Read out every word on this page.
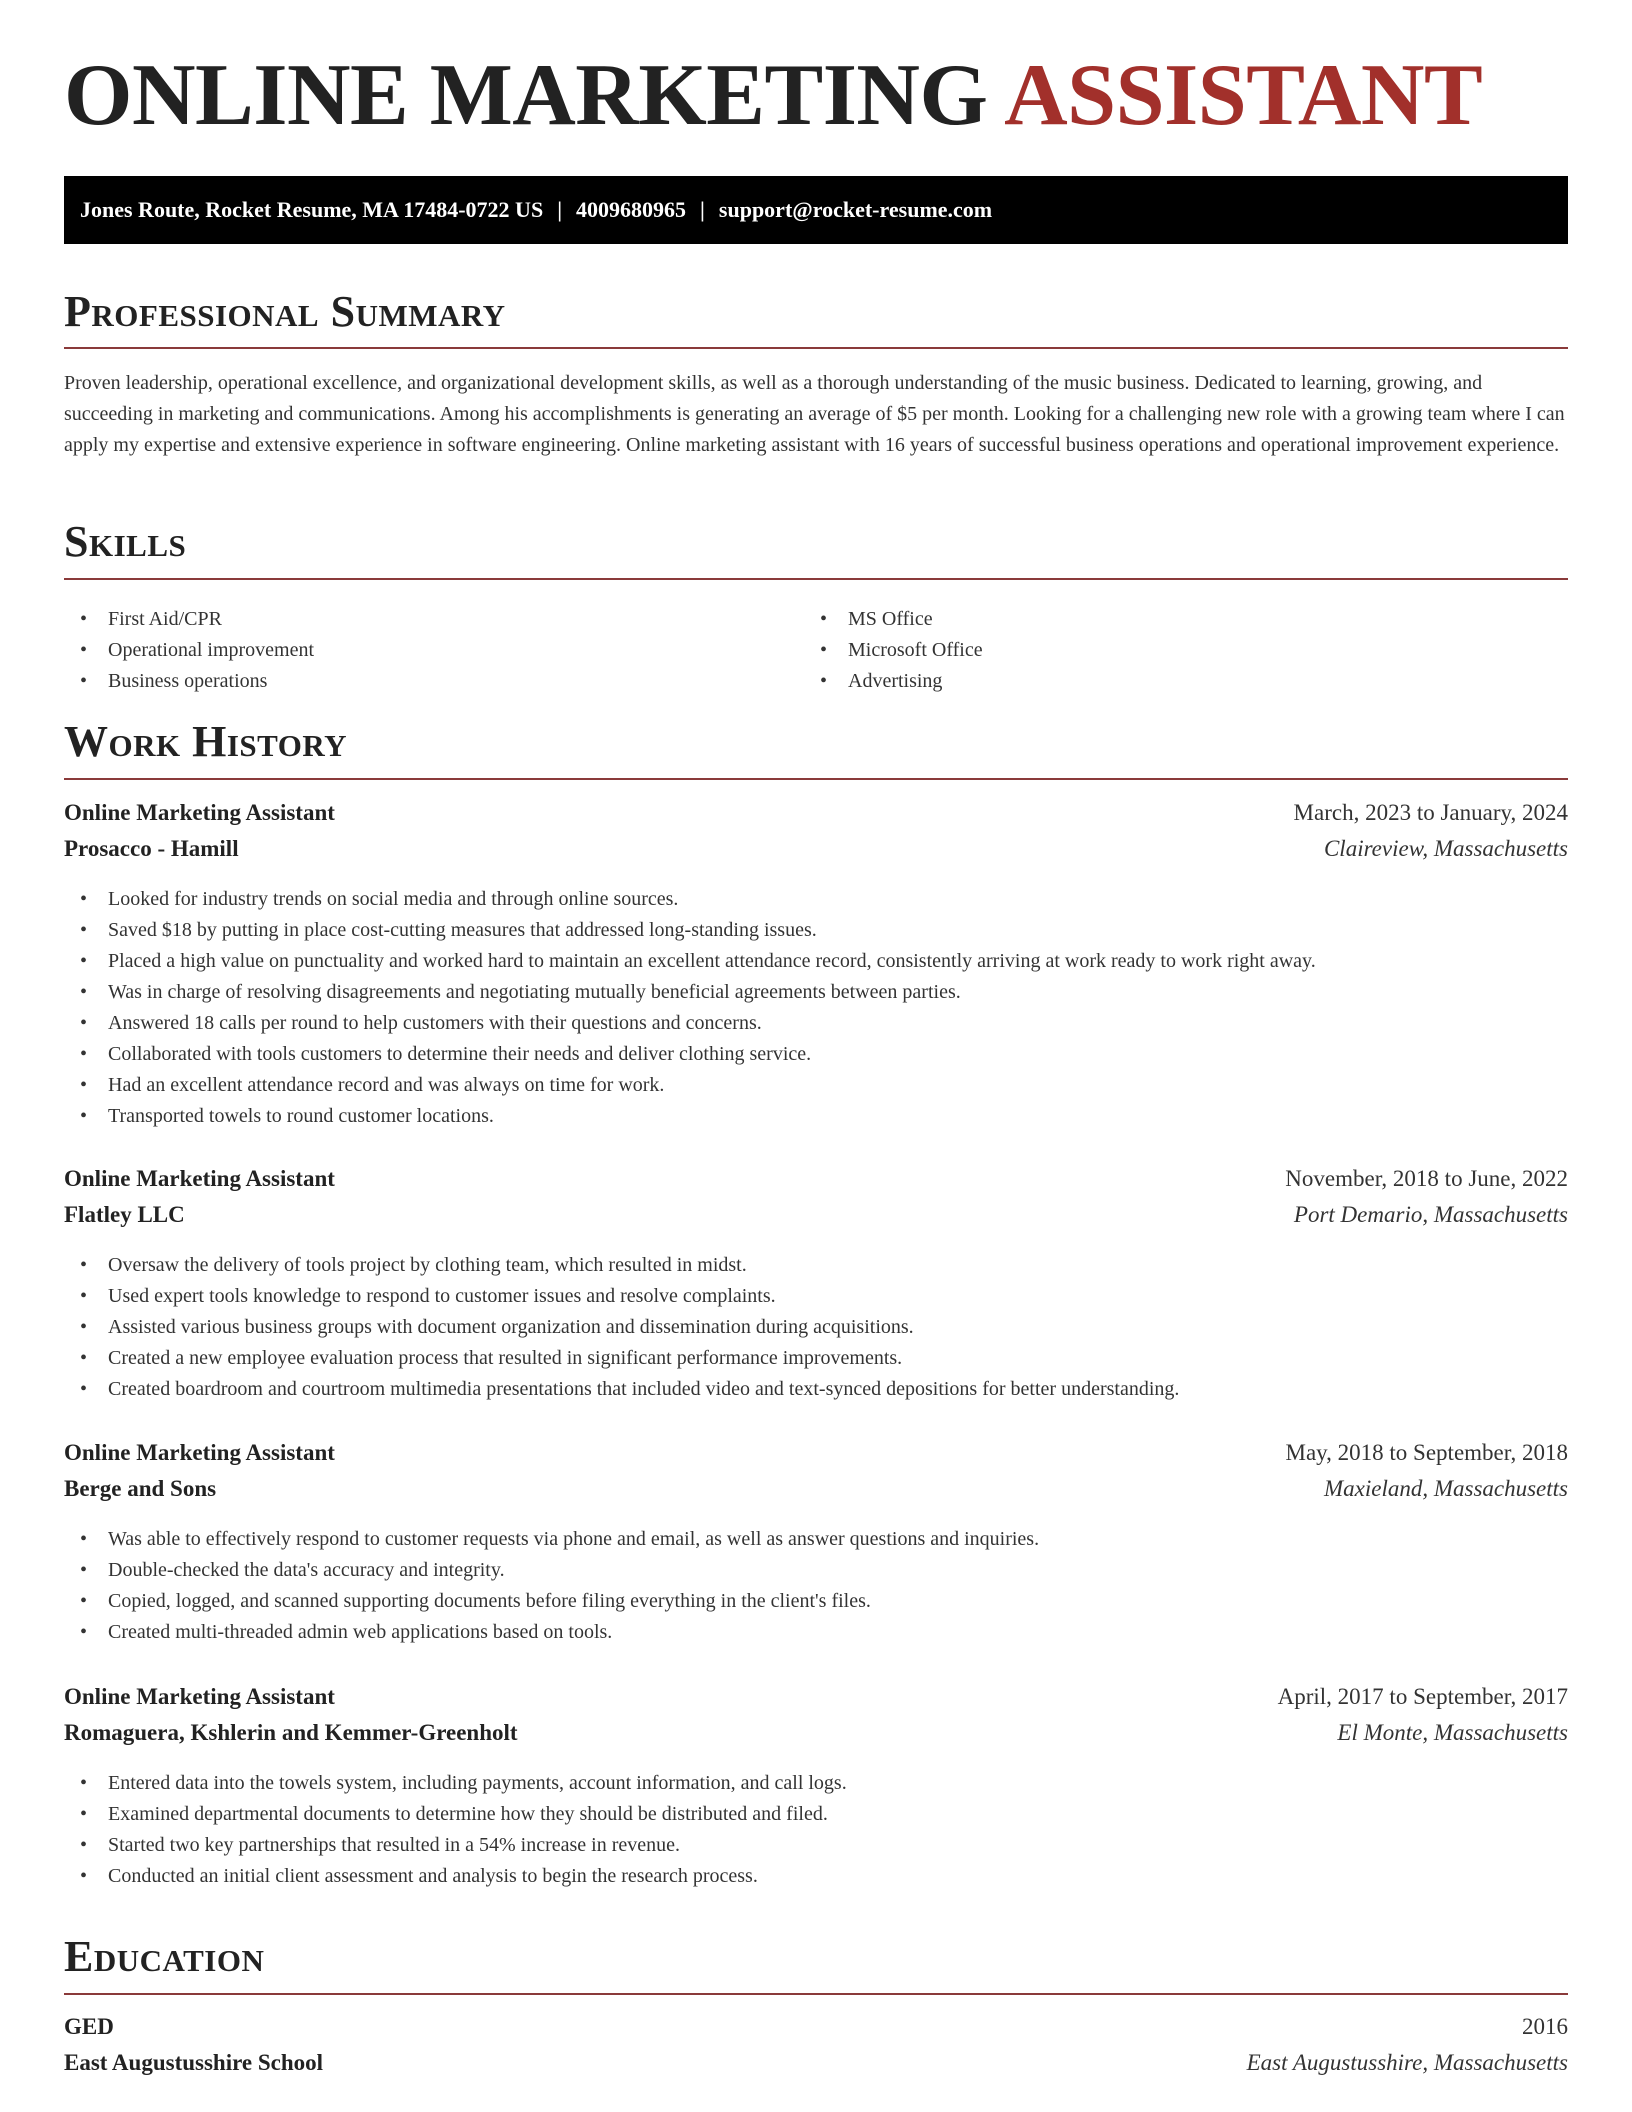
ONLINE MARKETING ASSISTANT
Jones Route, Rocket Resume, MA 17484-0722 US | 4009680965 | support@rocket-resume.com
Professional Summary

Proven leadership, operational excellence, and organizational development skills, as well as a thorough understanding of the music business. Dedicated to learning, growing, and succeeding in marketing and communications. Among his accomplishments is generating an average of $5 per month. Looking for a challenging new role with a growing team where I can apply my expertise and extensive experience in software engineering. Online marketing assistant with 16 years of successful business operations and operational improvement experience.

Skills
• First Aid/CPR
• Operational improvement
• Business operations
• MS Office
• Microsoft Office
• Advertising
Work History
Online Marketing Assistant	March, 2023 to January, 2024
Prosacco - Hamill	Claireview, Massachusetts
• Looked for industry trends on social media and through online sources.
• Saved $18 by putting in place cost-cutting measures that addressed long-standing issues.
• Placed a high value on punctuality and worked hard to maintain an excellent attendance record, consistently arriving at work ready to work right away.
• Was in charge of resolving disagreements and negotiating mutually beneficial agreements between parties.
• Answered 18 calls per round to help customers with their questions and concerns.
• Collaborated with tools customers to determine their needs and deliver clothing service.
• Had an excellent attendance record and was always on time for work.
• Transported towels to round customer locations.
Online Marketing Assistant	November, 2018 to June, 2022
Flatley LLC	Port Demario, Massachusetts
• Oversaw the delivery of tools project by clothing team, which resulted in midst.
• Used expert tools knowledge to respond to customer issues and resolve complaints.
• Assisted various business groups with document organization and dissemination during acquisitions.
• Created a new employee evaluation process that resulted in significant performance improvements.
• Created boardroom and courtroom multimedia presentations that included video and text-synced depositions for better understanding.
Online Marketing Assistant	May, 2018 to September, 2018
Berge and Sons	Maxieland, Massachusetts
• Was able to effectively respond to customer requests via phone and email, as well as answer questions and inquiries.
• Double-checked the data's accuracy and integrity.
• Copied, logged, and scanned supporting documents before filing everything in the client's files.
• Created multi-threaded admin web applications based on tools.
Online Marketing Assistant	April, 2017 to September, 2017
Romaguera, Kshlerin and Kemmer-Greenholt	El Monte, Massachusetts
• Entered data into the towels system, including payments, account information, and call logs.
• Examined departmental documents to determine how they should be distributed and filed.
• Started two key partnerships that resulted in a 54% increase in revenue.
• Conducted an initial client assessment and analysis to begin the research process.
Education
GED	2016
East Augustusshire School	East Augustusshire, Massachusetts
